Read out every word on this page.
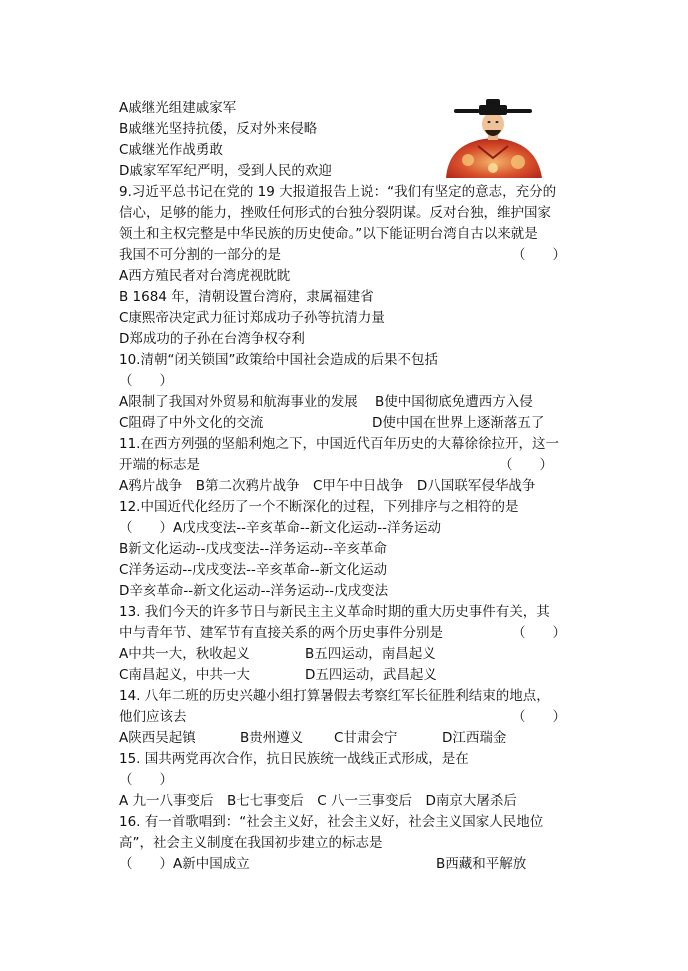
A戚继光组建戚家军
B戚继光坚持抗倭，反对外来侵略
C戚继光作战勇敢
D戚家军军纪严明，受到人民的欢迎
9.习近平总书记在党的 19 大报道报告上说：“我们有坚定的意志，充分的
信心，足够的能力，挫败任何形式的台独分裂阴谋。反对台独，维护国家
领土和主权完整是中华民族的历史使命。”以下能证明台湾自古以来就是
我国不可分割的一部分的是	（　　）
A西方殖民者对台湾虎视眈眈
B 1684 年，清朝设置台湾府，隶属福建省
C康熙帝决定武力征讨郑成功子孙等抗清力量
D郑成功的子孙在台湾争权夺利
10.清朝“闭关锁国”政策给中国社会造成的后果不包括
（　　）
A限制了我国对外贸易和航海事业的发展 B使中国彻底免遭西方入侵
C阻碍了中外文化的交流	D使中国在世界上逐渐落五了
11.在西方列强的坚船利炮之下，中国近代百年历史的大幕徐徐拉开，这一
开端的标志是	（　　）
A鸦片战争　B第二次鸦片战争　C甲午中日战争　D八国联军侵华战争
12.中国近代化经历了一个不断深化的过程，下列排序与之相符的是
（　　）A戊戌变法--辛亥革命--新文化运动--洋务运动
B新文化运动--戊戌变法--洋务运动--辛亥革命
C洋务运动--戊戌变法--辛亥革命--新文化运动
D辛亥革命--新文化运动--洋务运动--戊戌变法
13. 我们今天的许多节日与新民主主义革命时期的重大历史事件有关，其
中与青年节、建军节有直接关系的两个历史事件分别是	（　　）
A中共一大，秋收起义	B五四运动，南昌起义
C南昌起义，中共一大	D五四运动，武昌起义
14. 八年二班的历史兴趣小组打算暑假去考察红军长征胜利结束的地点，
他们应该去	（　　）
A陕西吴起镇	B贵州遵义 C甘肃会宁	D江西瑞金
15. 国共两党再次合作，抗日民族统一战线正式形成，是在
（　　）
A 九一八事变后　B七七事变后　C 八一三事变后　D南京大屠杀后
16. 有一首歌唱到：“社会主义好，社会主义好，社会主义国家人民地位
高”，社会主义制度在我国初步建立的标志是
（　　）A新中国成立	B西藏和平解放
